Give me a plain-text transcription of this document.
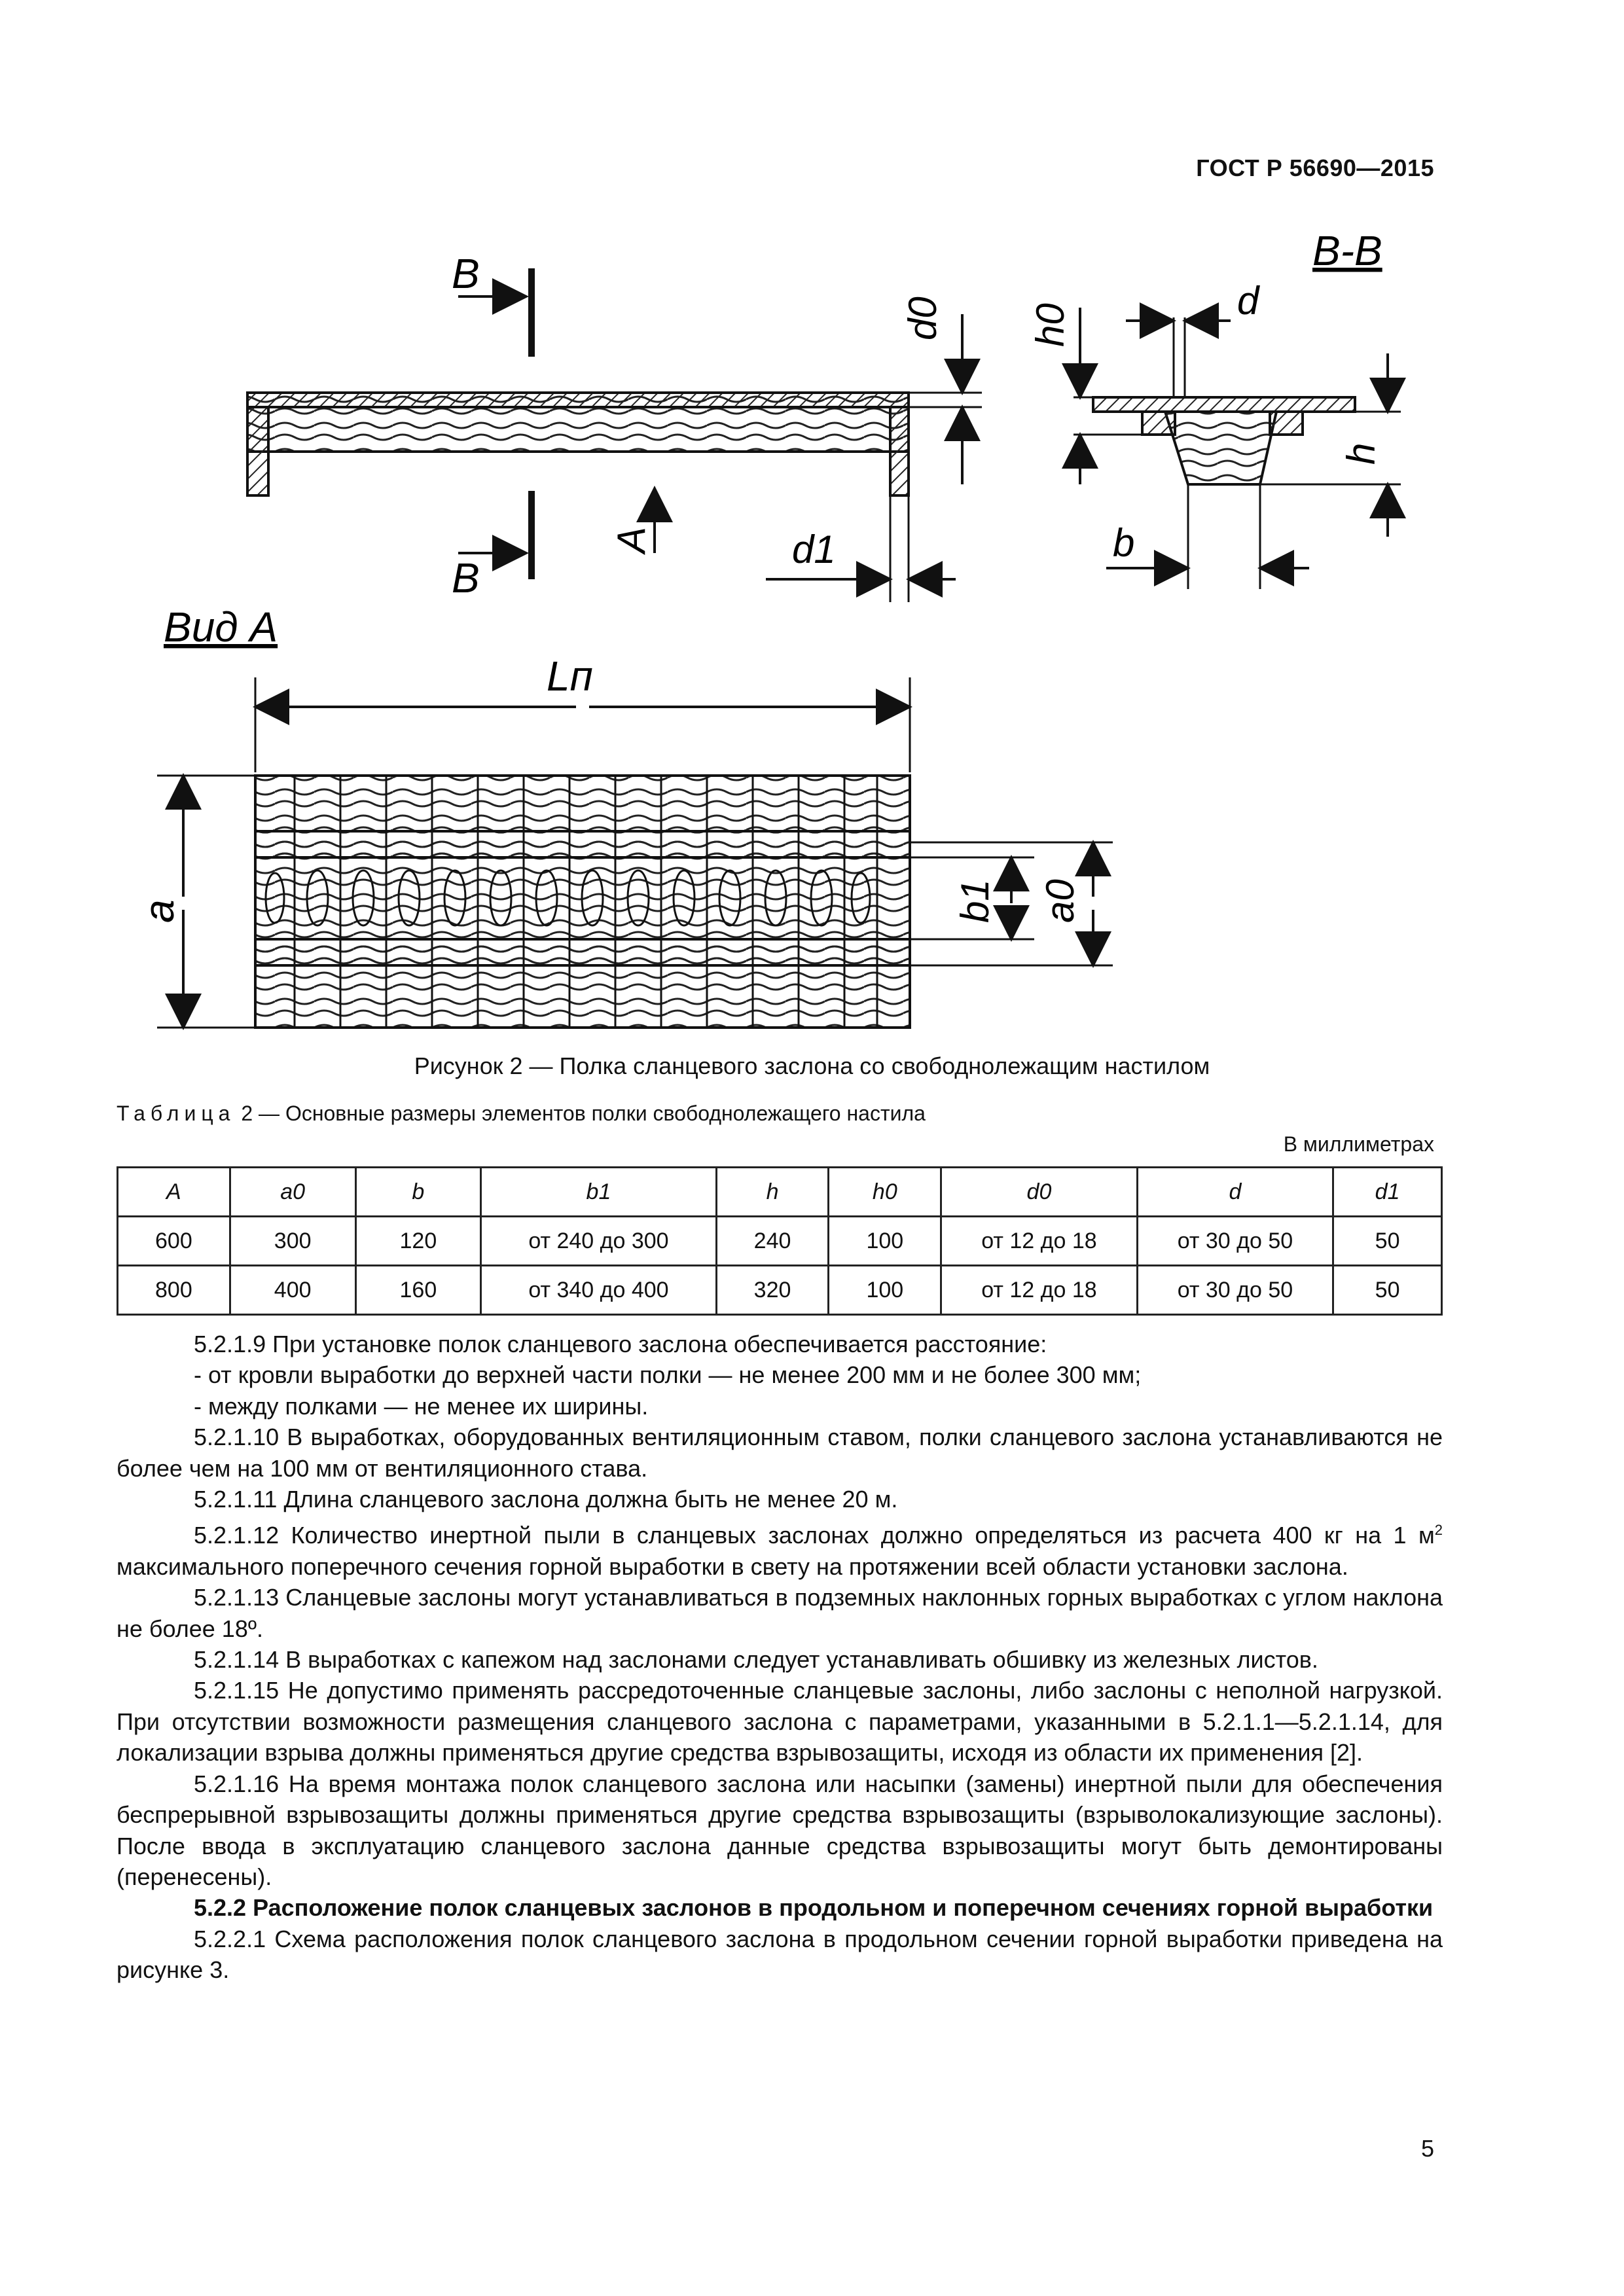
ГОСТ Р 56690—2015
В
В
А
d0
d1
В-В
d
h0
h
b
Вид А
Lп
a	b1 a0
Рисунок 2 — Полка сланцевого заслона со свободнолежащим настилом
Таблица 2 — Основные размеры элементов полки свободнолежащего настила
В миллиметрах
A	a0	b	b1	h	h0	d0	d	d1
600	300	120	от 240 до 300	240	100	от 12 до 18	от 30 до 50	50
800	400	160	от 340 до 400	320	100	от 12 до 18	от 30 до 50	50

5.2.1.9 При установке полок сланцевого заслона обеспечивается расстояние:

- от кровли выработки до верхней части полки — не менее 200 мм и не более 300 мм;

- между полками — не менее их ширины.

5.2.1.10 В выработках, оборудованных вентиляционным ставом, полки сланцевого заслона устанавливаются не более чем на 100 мм от вентиляционного става.

5.2.1.11 Длина сланцевого заслона должна быть не менее 20 м.

5.2.1.12 Количество инертной пыли в сланцевых заслонах должно определяться из расчета 400 кг на 1 $м^2$ максимального поперечного сечения горной выработки в свету на протяжении всей области установки заслона.

5.2.1.13 Сланцевые заслоны могут устанавливаться в подземных наклонных горных выработках с углом наклона не более 18º.

5.2.1.14 В выработках с капежом над заслонами следует устанавливать обшивку из железных листов.

5.2.1.15 Не допустимо применять рассредоточенные сланцевые заслоны, либо заслоны с неполной нагрузкой. При отсутствии возможности размещения сланцевого заслона с параметрами, указанными в 5.2.1.1—5.2.1.14, для локализации взрыва должны применяться другие средства взрывозащиты, исходя из области их применения [2].

5.2.1.16 На время монтажа полок сланцевого заслона или насыпки (замены) инертной пыли для обеспечения беспрерывной взрывозащиты должны применяться другие средства взрывозащиты (взрыволокализующие заслоны). После ввода в эксплуатацию сланцевого заслона данные средства взрывозащиты могут быть демонтированы (перенесены).

5.2.2 Расположение полок сланцевых заслонов в продольном и поперечном сечениях горной выработки

5.2.2.1 Схема расположения полок сланцевого заслона в продольном сечении горной выработки приведена на рисунке 3.

5
